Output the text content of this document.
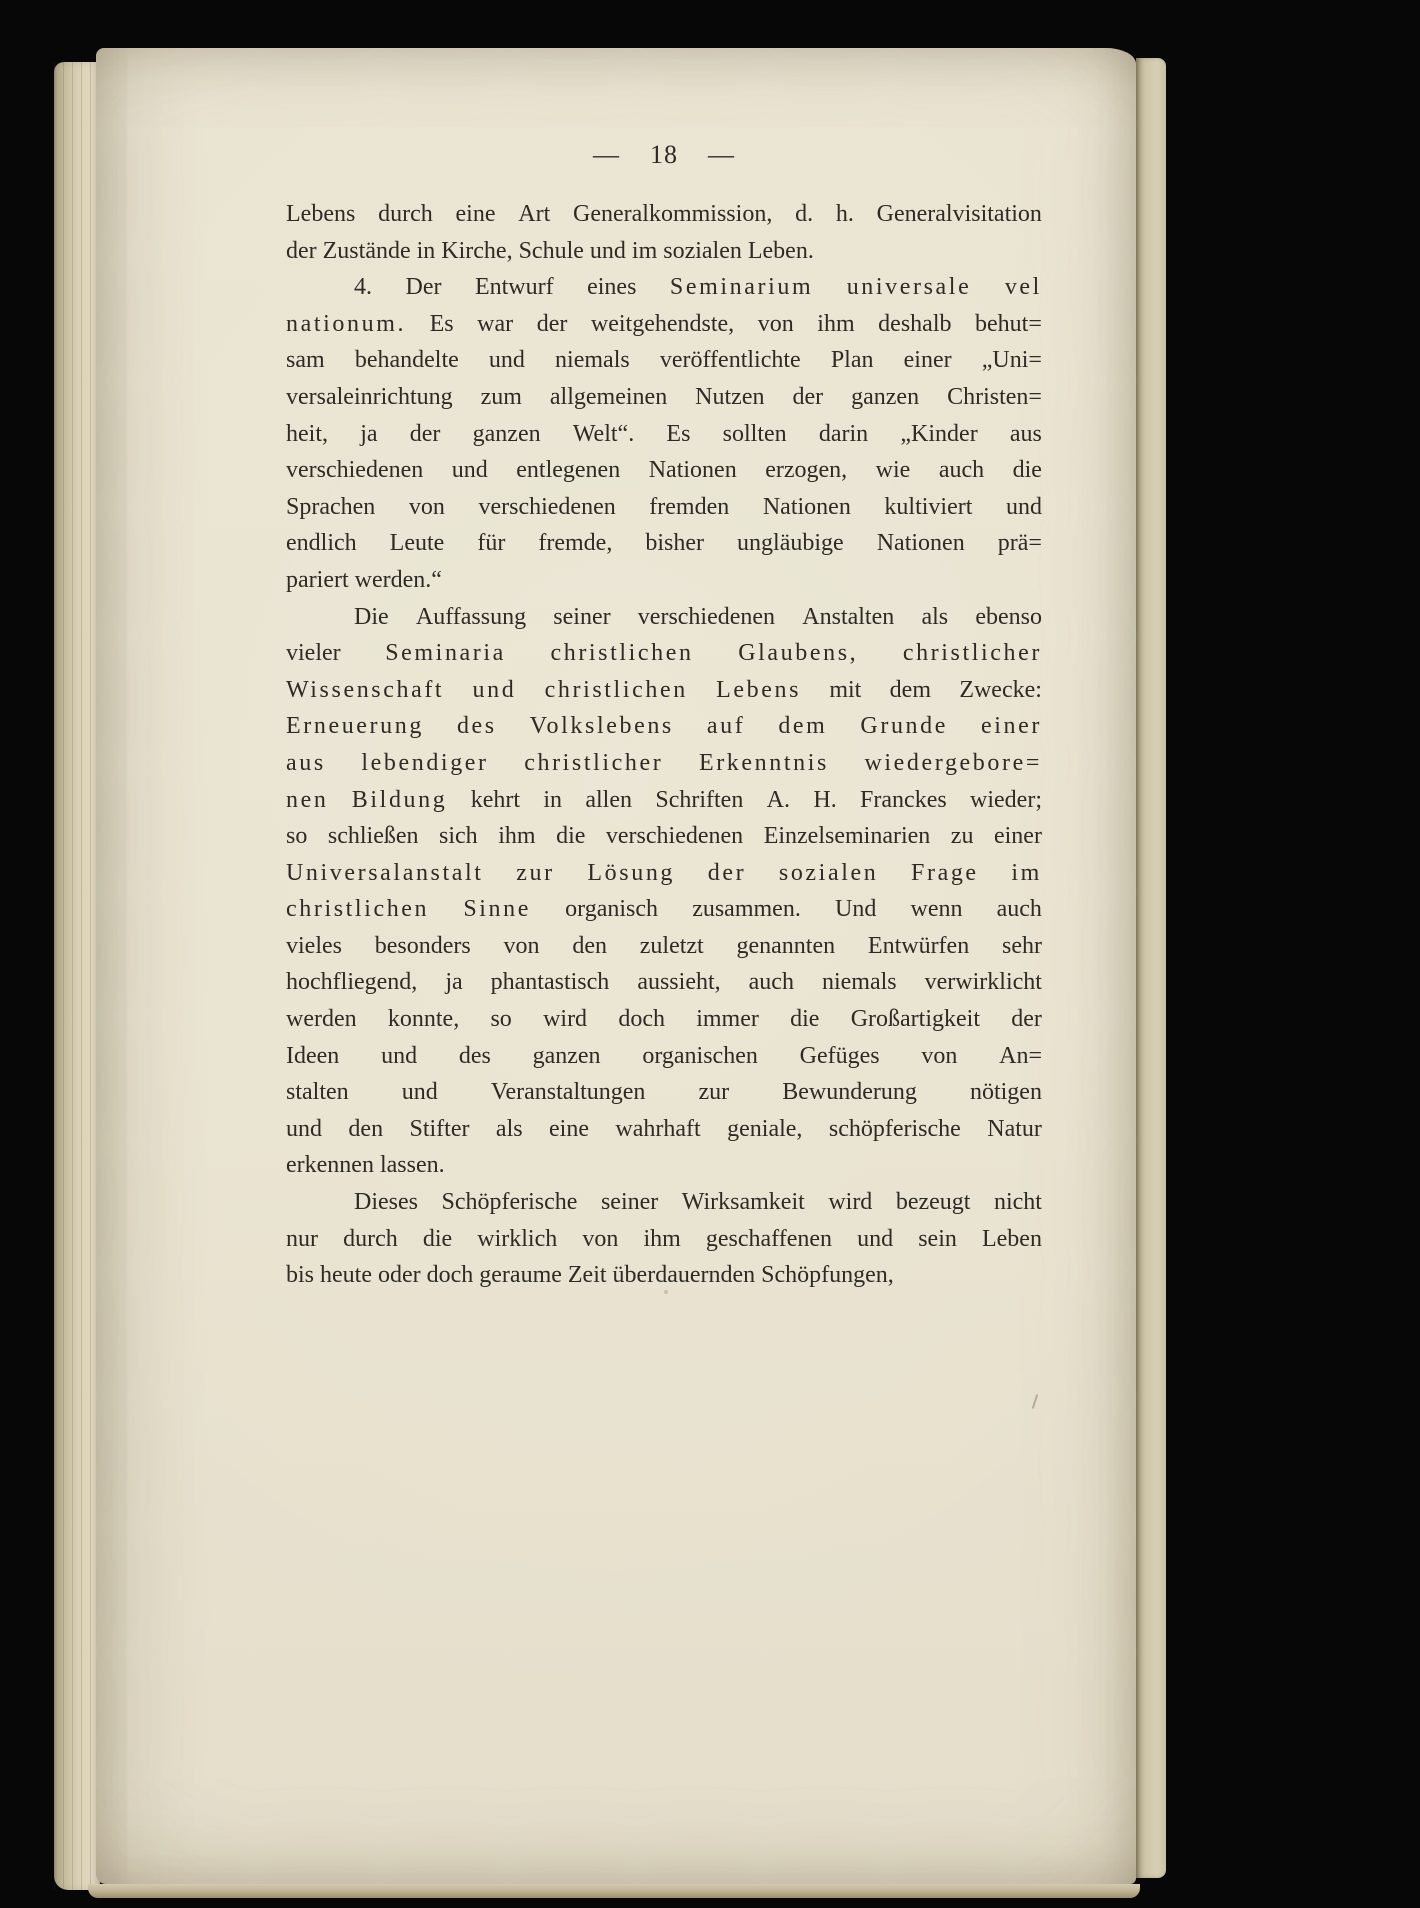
— 18 —
Lebens durch eine Art Generalkommission, d. h. Generalvisitation
der Zustände in Kirche, Schule und im sozialen Leben.
4. Der Entwurf eines Seminarium universale vel
nationum. Es war der weitgehendste, von ihm deshalb behut=
sam behandelte und niemals veröffentlichte Plan einer „Uni=
versaleinrichtung zum allgemeinen Nutzen der ganzen Christen=
heit, ja der ganzen Welt“. Es sollten darin „Kinder aus
verschiedenen und entlegenen Nationen erzogen, wie auch die
Sprachen von verschiedenen fremden Nationen kultiviert und
endlich Leute für fremde, bisher ungläubige Nationen prä=
pariert werden.“
Die Auffassung seiner verschiedenen Anstalten als ebenso
vieler Seminaria christlichen Glaubens, christlicher
Wissenschaft und christlichen Lebens mit dem Zwecke:
Erneuerung des Volkslebens auf dem Grunde einer
aus lebendiger christlicher Erkenntnis wiedergebore=
nen Bildung kehrt in allen Schriften A. H. Franckes wieder;
so schließen sich ihm die verschiedenen Einzelseminarien zu einer
Universalanstalt zur Lösung der sozialen Frage im
christlichen Sinne organisch zusammen. Und wenn auch
vieles besonders von den zuletzt genannten Entwürfen sehr
hochfliegend, ja phantastisch aussieht, auch niemals verwirklicht
werden konnte, so wird doch immer die Großartigkeit der
Ideen und des ganzen organischen Gefüges von An=
stalten und Veranstaltungen zur Bewunderung nötigen
und den Stifter als eine wahrhaft geniale, schöpferische Natur
erkennen lassen.
Dieses Schöpferische seiner Wirksamkeit wird bezeugt nicht
nur durch die wirklich von ihm geschaffenen und sein Leben
bis heute oder doch geraume Zeit überdauernden Schöpfungen,
